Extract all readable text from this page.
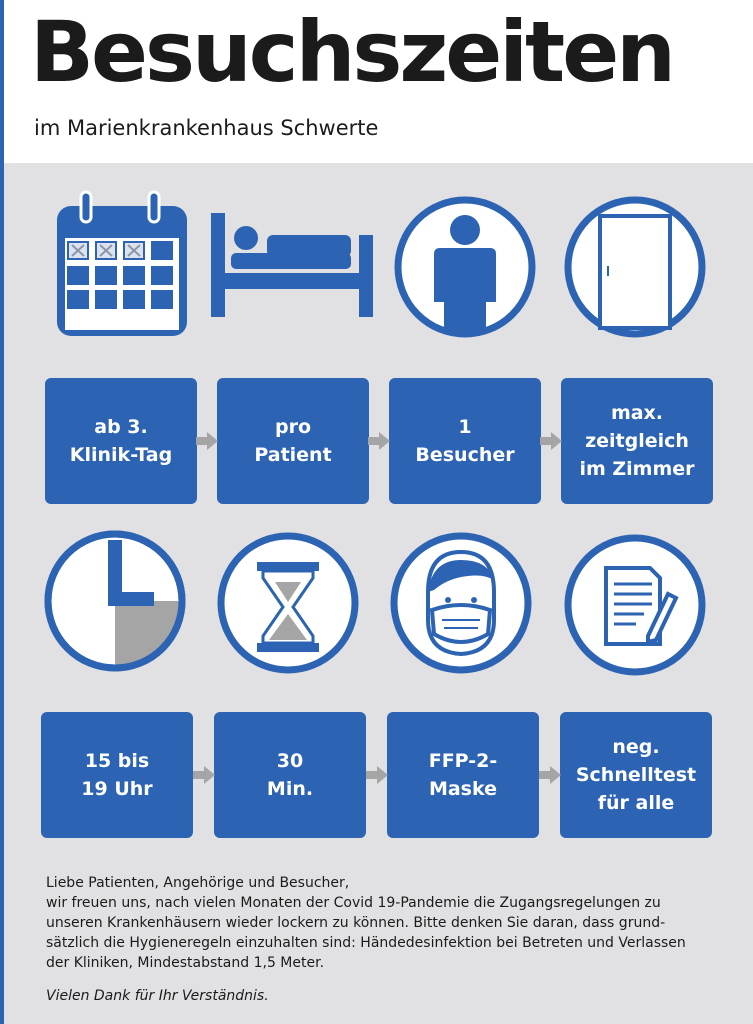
Besuchszeiten
im Marienkrankenhaus Schwerte
ab 3.
Klinik-Tag
pro
Patient
1
Besucher
max.
zeitgleich
im Zimmer
15 bis
19 Uhr
30
Min.
FFP-2-
Maske
neg.
Schnelltest
für alle

Liebe Patienten, Angehörige und Besucher,

wir freuen uns, nach vielen Monaten der Covid 19-Pandemie die Zugangsregelungen zu

unseren Krankenhäusern wieder lockern zu können. Bitte denken Sie daran, dass grund-

sätzlich die Hygieneregeln einzuhalten sind: Händedesinfektion bei Betreten und Verlassen

der Kliniken, Mindestabstand 1,5 Meter.

Vielen Dank für Ihr Verständnis.
